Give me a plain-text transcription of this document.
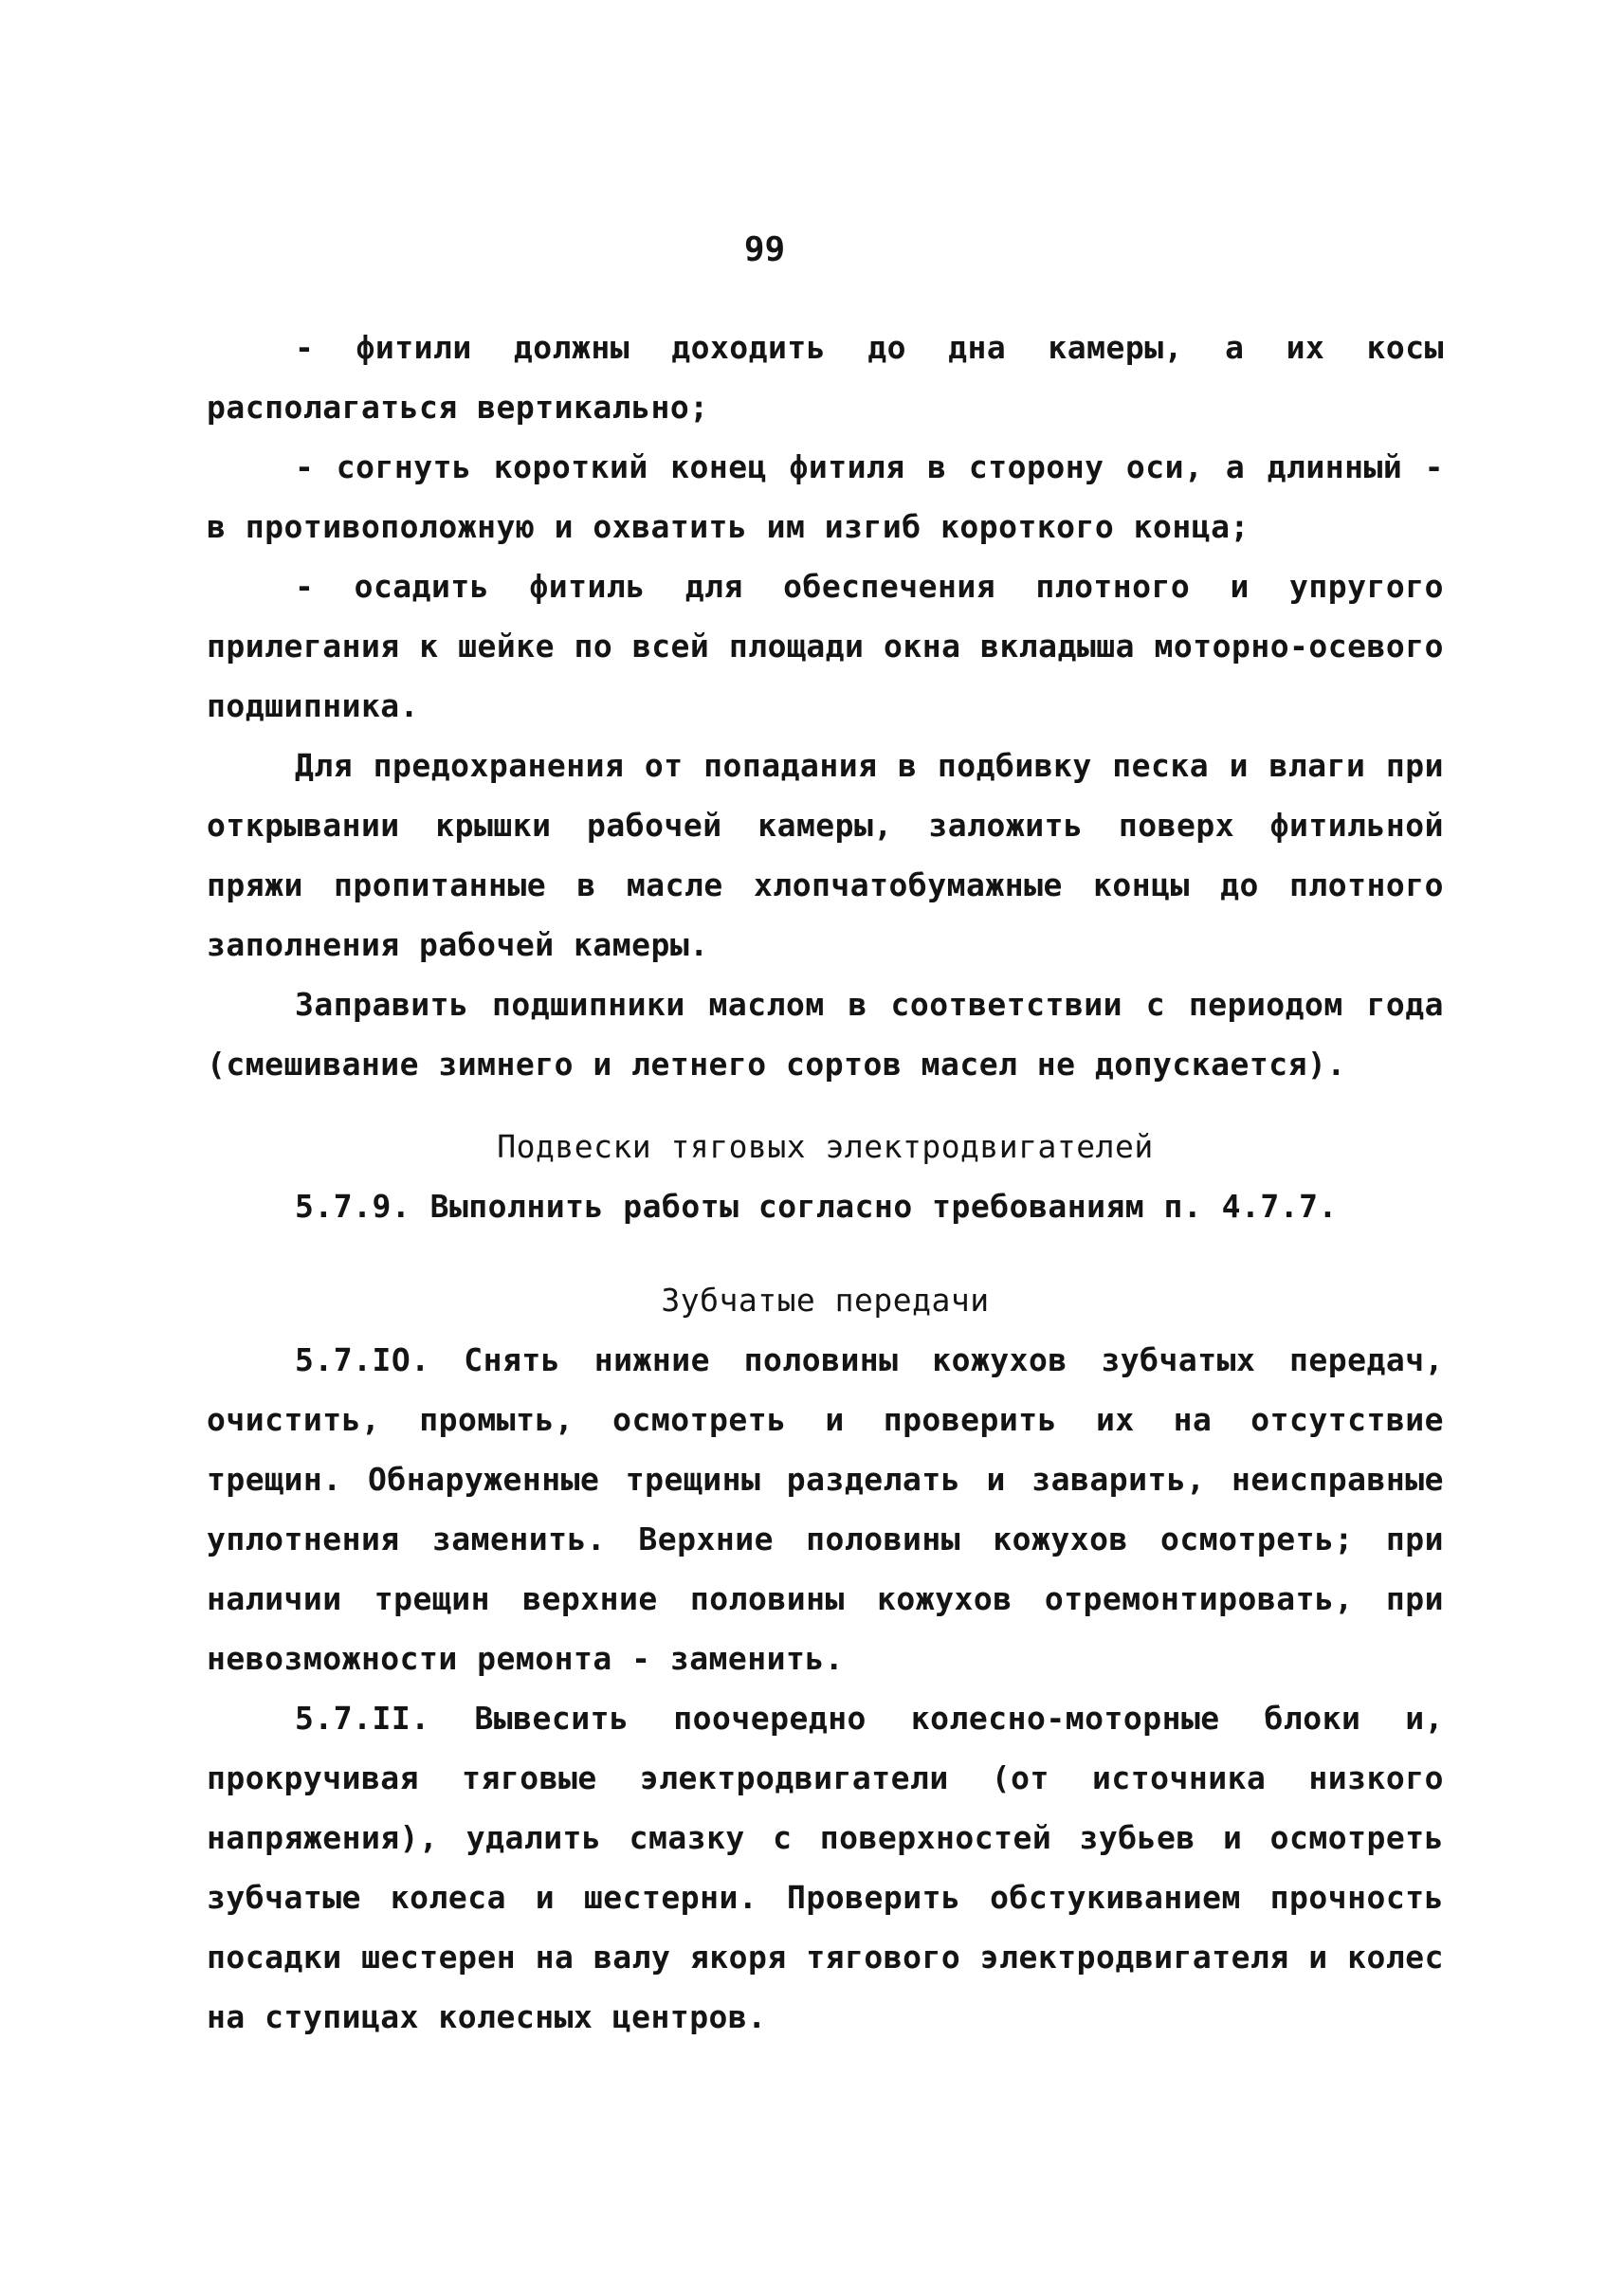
99

- фитили должны доходить до дна камеры, а их косы располагаться вертикально;

- согнуть короткий конец фитиля в сторону оси, а длинный - в противоположную и охватить им изгиб короткого конца;

- осадить фитиль для обеспечения плотного и упругого прилегания к шейке по всей площади окна вкладыша моторно-осевого подшипника.

Для предохранения от попадания в подбивку песка и влаги при открывании крышки рабочей камеры, заложить поверх фитильной пряжи пропитанные в масле хлопчатобумажные концы до плотного заполнения рабочей камеры.

Заправить подшипники маслом в соответствии с периодом года (смешивание зимнего и летнего сортов масел не допускается).

Подвески тяговых электродвигателей

5.7.9. Выполнить работы согласно требованиям п. 4.7.7.

Зубчатые передачи

5.7.IO. Снять нижние половины кожухов зубчатых передач, очистить, промыть, осмотреть и проверить их на отсутствие трещин. Обнаруженные трещины разделать и заварить, неисправные уплотнения заменить. Верхние половины кожухов осмотреть; при наличии трещин верхние половины кожухов отремонтировать, при невозможности ремонта - заменить.

5.7.II. Вывесить поочередно колесно-моторные блоки и, прокручивая тяговые электродвигатели (от источника низкого напряжения), удалить смазку с поверхностей зубьев и осмотреть зубчатые колеса и шестерни. Проверить обстукиванием прочность посадки шестерен на валу якоря тягового электродвигателя и колес на ступицах колесных центров.
